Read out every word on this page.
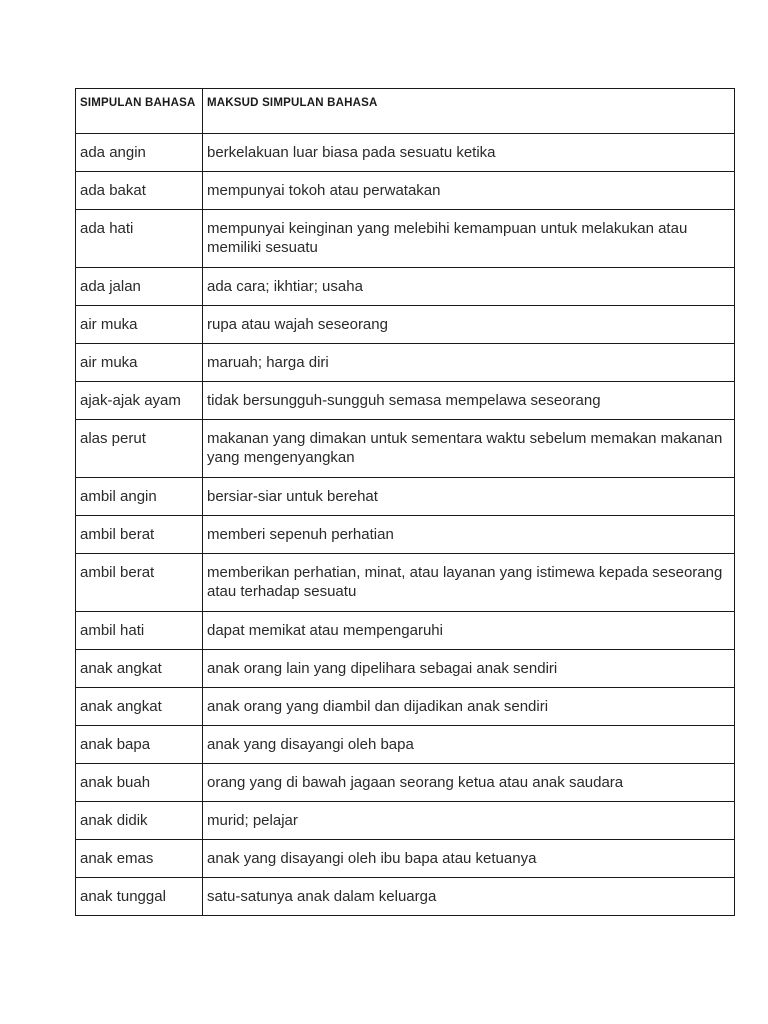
SIMPULAN BAHASA	MAKSUD SIMPULAN BAHASA
ada angin	berkelakuan luar biasa pada sesuatu ketika
ada bakat	mempunyai tokoh atau perwatakan
ada hati	mempunyai keinginan yang melebihi kemampuan untuk melakukan atau memiliki sesuatu
ada jalan	ada cara; ikhtiar; usaha
air muka	rupa atau wajah seseorang
air muka	maruah; harga diri
ajak-ajak ayam	tidak bersungguh-sungguh semasa mempelawa seseorang
alas perut	makanan yang dimakan untuk sementara waktu sebelum memakan makanan yang mengenyangkan
ambil angin	bersiar-siar untuk berehat
ambil berat	memberi sepenuh perhatian
ambil berat	memberikan perhatian, minat, atau layanan yang istimewa kepada seseorang atau terhadap sesuatu
ambil hati	dapat memikat atau mempengaruhi
anak angkat	anak orang lain yang dipelihara sebagai anak sendiri
anak angkat	anak orang yang diambil dan dijadikan anak sendiri
anak bapa	anak yang disayangi oleh bapa
anak buah	orang yang di bawah jagaan seorang ketua atau anak saudara
anak didik	murid; pelajar
anak emas	anak yang disayangi oleh ibu bapa atau ketuanya
anak tunggal	satu-satunya anak dalam keluarga
